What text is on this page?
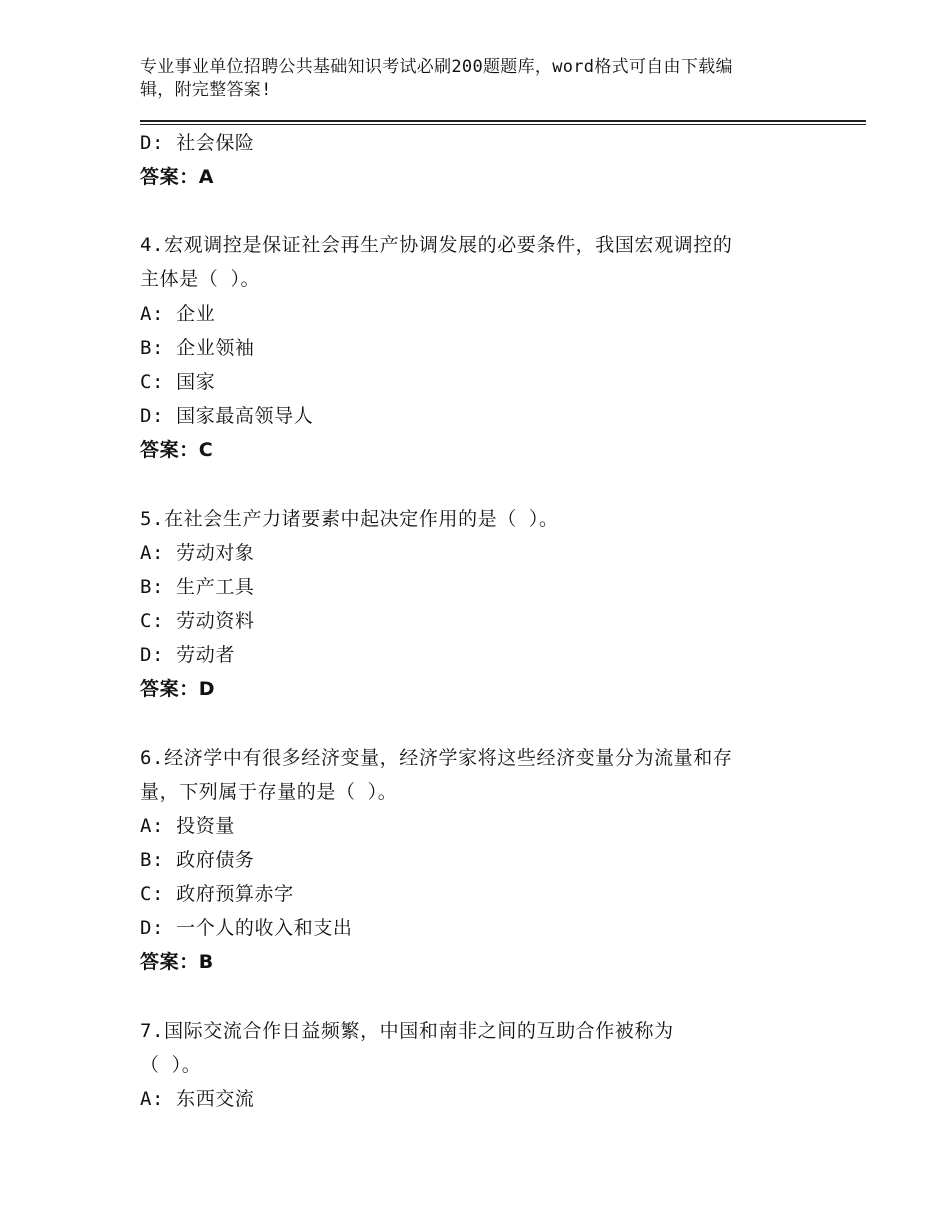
专业事业单位招聘公共基础知识考试必刷200题题库，word格式可自由下载编
辑，附完整答案!
D: 社会保险
答案：A
4.宏观调控是保证社会再生产协调发展的必要条件，我国宏观调控的
主体是（ ）。
A: 企业
B: 企业领袖
C: 国家
D: 国家最高领导人
答案：C
5.在社会生产力诸要素中起决定作用的是（ ）。
A: 劳动对象
B: 生产工具
C: 劳动资料
D: 劳动者
答案：D
6.经济学中有很多经济变量，经济学家将这些经济变量分为流量和存
量，下列属于存量的是（ ）。
A: 投资量
B: 政府债务
C: 政府预算赤字
D: 一个人的收入和支出
答案：B
7.国际交流合作日益频繁，中国和南非之间的互助合作被称为
（ ）。
A: 东西交流
